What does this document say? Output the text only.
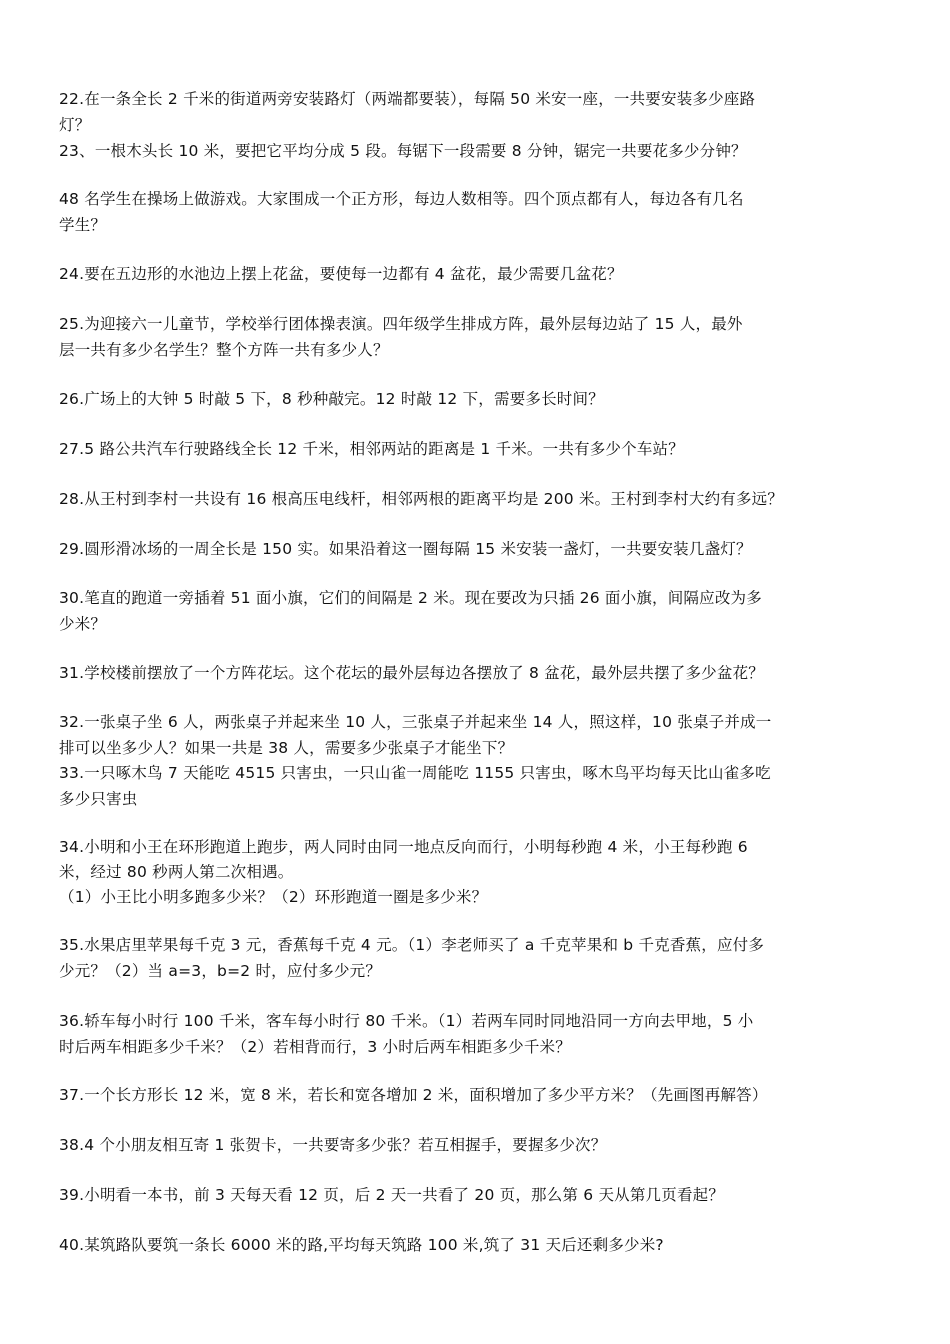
22.在一条全长 2 千米的街道两旁安装路灯（两端都要装），每隔 50 米安一座，一共要安装多少座路

灯？

23、一根木头长 10 米，要把它平均分成 5 段。每锯下一段需要 8 分钟，锯完一共要花多少分钟？

48 名学生在操场上做游戏。大家围成一个正方形，每边人数相等。四个顶点都有人，每边各有几名

学生？

24.要在五边形的水池边上摆上花盆，要使每一边都有 4 盆花，最少需要几盆花？

25.为迎接六一儿童节，学校举行团体操表演。四年级学生排成方阵，最外层每边站了 15 人，最外

层一共有多少名学生？整个方阵一共有多少人？

26.广场上的大钟 5 时敲 5 下，8 秒种敲完。12 时敲 12 下，需要多长时间？

27.5 路公共汽车行驶路线全长 12 千米，相邻两站的距离是 1 千米。一共有多少个车站？

28.从王村到李村一共设有 16 根高压电线杆，相邻两根的距离平均是 200 米。王村到李村大约有多远？

29.圆形滑冰场的一周全长是 150 实。如果沿着这一圈每隔 15 米安装一盏灯，一共要安装几盏灯？

30.笔直的跑道一旁插着 51 面小旗，它们的间隔是 2 米。现在要改为只插 26 面小旗，间隔应改为多

少米？

31.学校楼前摆放了一个方阵花坛。这个花坛的最外层每边各摆放了 8 盆花，最外层共摆了多少盆花？

32.一张桌子坐 6 人，两张桌子并起来坐 10 人，三张桌子并起来坐 14 人，照这样，10 张桌子并成一

排可以坐多少人？如果一共是 38 人，需要多少张桌子才能坐下？

33.一只啄木鸟 7 天能吃 4515 只害虫，一只山雀一周能吃 1155 只害虫，啄木鸟平均每天比山雀多吃

多少只害虫

34.小明和小王在环形跑道上跑步，两人同时由同一地点反向而行，小明每秒跑 4 米，小王每秒跑 6

米，经过 80 秒两人第二次相遇。

（1）小王比小明多跑多少米？（2）环形跑道一圈是多少米？

35.水果店里苹果每千克 3 元，香蕉每千克 4 元。（1）李老师买了 a 千克苹果和 b 千克香蕉，应付多

少元？（2）当 a=3，b=2 时，应付多少元？

36.轿车每小时行 100 千米，客车每小时行 80 千米。（1）若两车同时同地沿同一方向去甲地，5 小

时后两车相距多少千米？（2）若相背而行，3 小时后两车相距多少千米？

37.一个长方形长 12 米，宽 8 米，若长和宽各增加 2 米，面积增加了多少平方米？（先画图再解答）

38.4 个小朋友相互寄 1 张贺卡，一共要寄多少张？若互相握手，要握多少次？

39.小明看一本书，前 3 天每天看 12 页，后 2 天一共看了 20 页，那么第 6 天从第几页看起？

40.某筑路队要筑一条长 6000 米的路,平均每天筑路 100 米,筑了 31 天后还剩多少米?
